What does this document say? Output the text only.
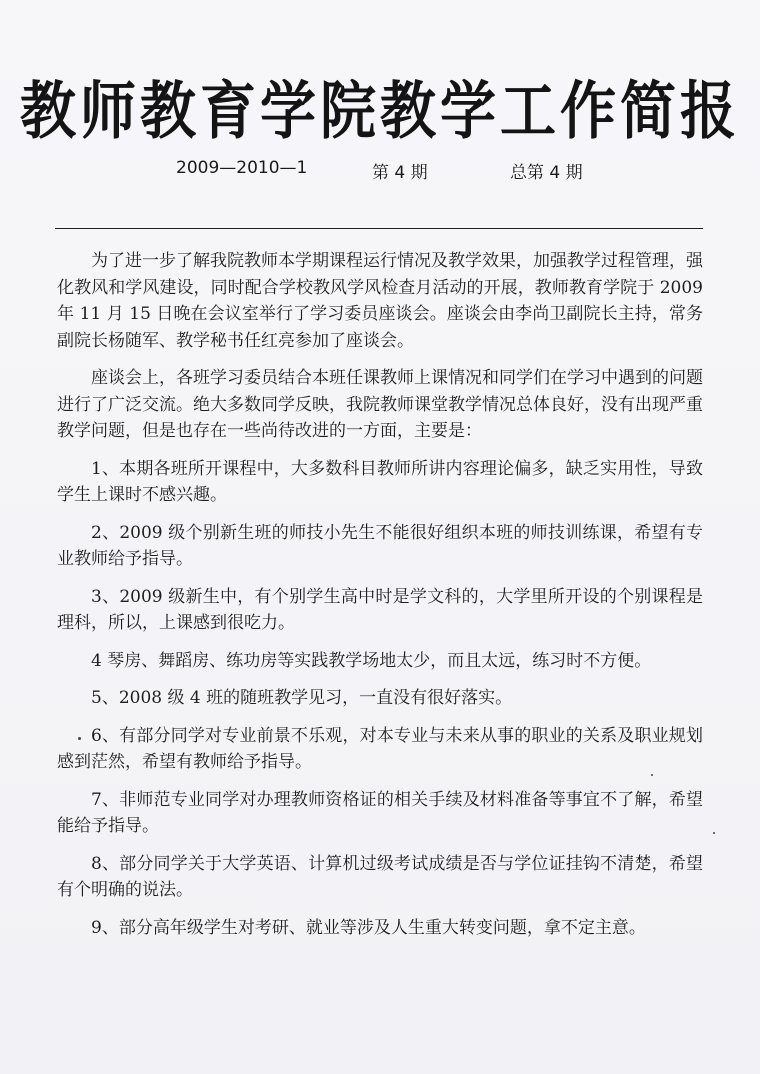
教师教育学院教学工作简报
2009—2010—1	第 4 期	总第 4 期

为了进一步了解我院教师本学期课程运行情况及教学效果，加强教学过程管理，强化教风和学风建设，同时配合学校教风学风检查月活动的开展，教师教育学院于 2009 年 11 月 15 日晚在会议室举行了学习委员座谈会。座谈会由李尚卫副院长主持，常务副院长杨随军、教学秘书任红亮参加了座谈会。

座谈会上，各班学习委员结合本班任课教师上课情况和同学们在学习中遇到的问题进行了广泛交流。绝大多数同学反映，我院教师课堂教学情况总体良好，没有出现严重教学问题，但是也存在一些尚待改进的一方面，主要是：

1、本期各班所开课程中，大多数科目教师所讲内容理论偏多，缺乏实用性，导致学生上课时不感兴趣。

2、2009 级个别新生班的师技小先生不能很好组织本班的师技训练课，希望有专业教师给予指导。

3、2009 级新生中，有个别学生高中时是学文科的，大学里所开设的个别课程是理科，所以，上课感到很吃力。

4 琴房、舞蹈房、练功房等实践教学场地太少，而且太远，练习时不方便。

5、2008 级 4 班的随班教学见习，一直没有很好落实。

6、有部分同学对专业前景不乐观，对本专业与未来从事的职业的关系及职业规划感到茫然，希望有教师给予指导。

7、非师范专业同学对办理教师资格证的相关手续及材料准备等事宜不了解，希望能给予指导。

8、部分同学关于大学英语、计算机过级考试成绩是否与学位证挂钩不清楚，希望有个明确的说法。

9、部分高年级学生对考研、就业等涉及人生重大转变问题，拿不定主意。
